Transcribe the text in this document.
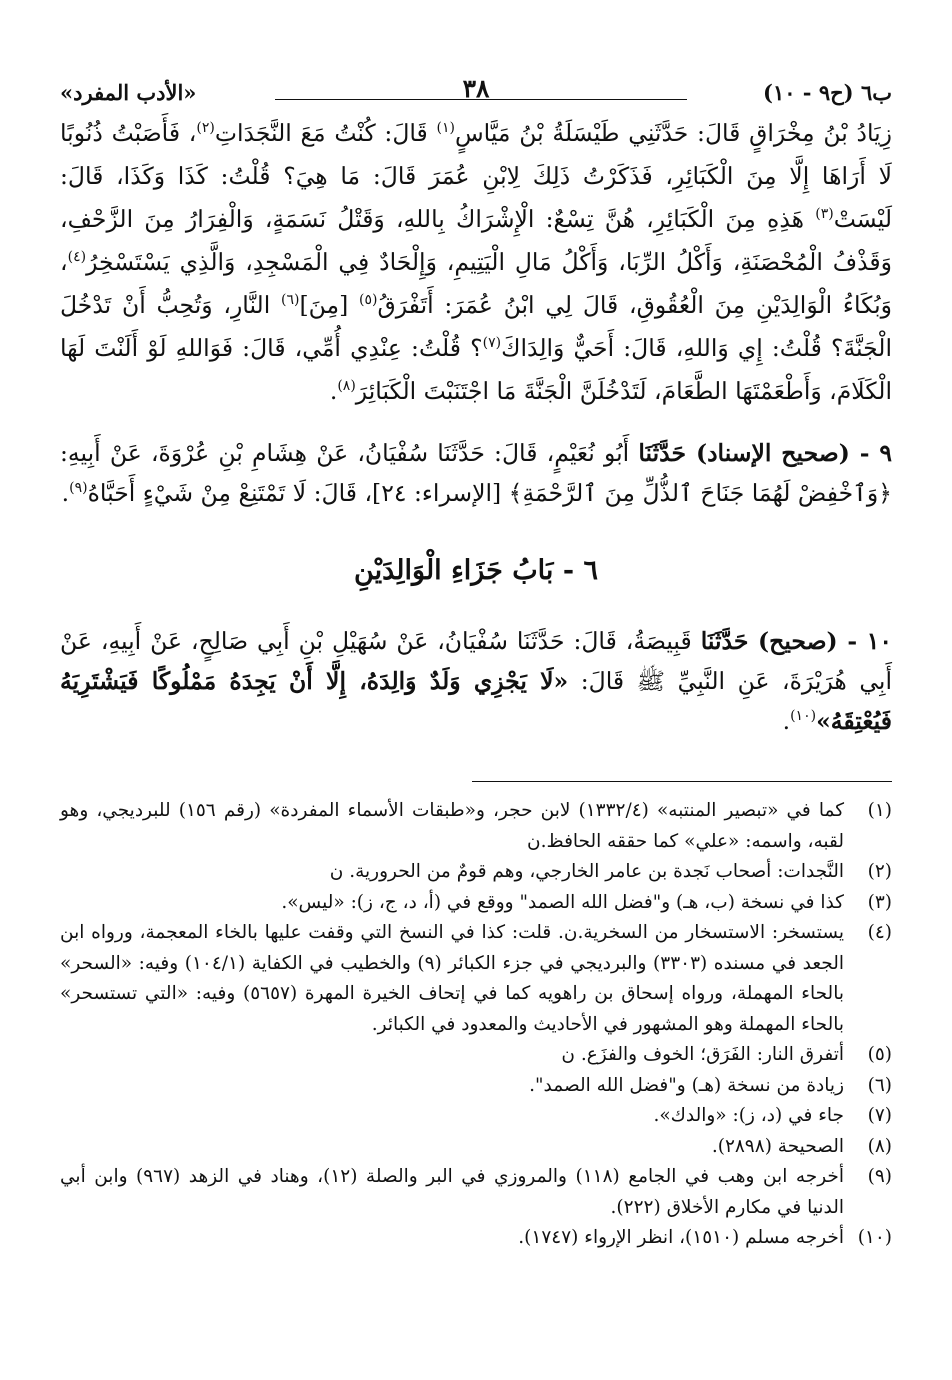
ب٦ (ح٩ - ١٠)
٣٨
«الأدب المفرد»

زِيَادُ بْنُ مِخْرَاقٍ قَالَ: حَدَّثَنِي طَيْسَلَةُ بْنُ مَيَّاسٍ$^{(١)}$ قَالَ: كُنْتُ مَعَ النَّجَدَاتِ$^{(٢)}$، فَأَصَبْتُ ذُنُوبًا لَا أَرَاهَا إِلَّا مِنَ الْكَبَائِرِ، فَذَكَرْتُ ذَلِكَ لِابْنِ عُمَرَ قَالَ: مَا هِيَ؟ قُلْتُ: كَذَا وَكَذَا، قَالَ: لَيْسَتْ$^{(٣)}$ هَذِهِ مِنَ الْكَبَائِرِ، هُنَّ تِسْعٌ: الْإِشْرَاكُ بِاللهِ، وَقَتْلُ نَسَمَةٍ، وَالْفِرَارُ مِنَ الزَّحْفِ، وَقَذْفُ الْمُحْصَنَةِ، وَأَكْلُ الرِّبَا، وَأَكْلُ مَالِ الْيَتِيمِ، وَإِلْحَادٌ فِي الْمَسْجِدِ، وَالَّذِي يَسْتَسْخِرُ$^{(٤)}$، وَبُكَاءُ الْوَالِدَيْنِ مِنَ الْعُقُوقِ، قَالَ لِي ابْنُ عُمَرَ: أَتَفْرَقُ$^{(٥)}$ [مِنَ]$^{(٦)}$ النَّارِ، وَتُحِبُّ أَنْ تَدْخُلَ الْجَنَّةَ؟ قُلْتُ: إِي وَاللهِ، قَالَ: أَحَيٌّ وَالِدَاكَ$^{(٧)}$؟ قُلْتُ: عِنْدِي أُمِّي، قَالَ: فَوَاللهِ لَوْ أَلَنْتَ لَهَا الْكَلَامَ، وَأَطْعَمْتَهَا الطَّعَامَ، لَتَدْخُلَنَّ الْجَنَّةَ مَا اجْتَنَبْتَ الْكَبَائِرَ$^{(٨)}$.

٩ - (صحيح الإسناد) حَدَّثَنَا أَبُو نُعَيْمٍ، قَالَ: حَدَّثَنَا سُفْيَانُ، عَنْ هِشَامِ بْنِ عُرْوَةَ، عَنْ أَبِيهِ: ﴿وَٱخْفِضْ لَهُمَا جَنَاحَ ٱلذُّلِّ مِنَ ٱلرَّحْمَةِ﴾ [الإسراء: ٢٤]، قَالَ: لَا تَمْتَنِعْ مِنْ شَيْءٍ أَحَبَّاهُ$^{(٩)}$.

٦ - بَابُ جَزَاءِ الْوَالِدَيْنِ

١٠ - (صحيح) حَدَّثَنَا قَبِيصَةُ، قَالَ: حَدَّثَنَا سُفْيَانُ، عَنْ سُهَيْلِ بْنِ أَبِي صَالِحٍ، عَنْ أَبِيهِ، عَنْ أَبِي هُرَيْرَةَ، عَنِ النَّبِيِّ ﷺ قَالَ: «لَا يَجْزِي وَلَدٌ وَالِدَهُ، إِلَّا أَنْ يَجِدَهُ مَمْلُوكًا فَيَشْتَرِيَهُ فَيُعْتِقَهُ»$^{(١٠)}$.

(١)
كما في «تبصير المنتبه» (١٣٣٢/٤) لابن حجر، و«طبقات الأسماء المفردة» (رقم ١٥٦) للبرديجي، وهو لقبه، واسمه: «علي» كما حققه الحافظ.ن
(٢)
النَّجدات: أصحاب نَجدة بن عامر الخارجي، وهم قومٌ من الحرورية. ن
(٣)
كذا في نسخة (ب، هـ) و"فضل الله الصمد" ووقع في (أ، د، ج، ز): «ليس».
(٤)
يستسخر: الاستسخار من السخرية.ن. قلت: كذا في النسخ التي وقفت عليها بالخاء المعجمة، ورواه ابن الجعد في مسنده (٣٣٠٣) والبرديجي في جزء الكبائر (٩) والخطيب في الكفاية (١٠٤/١) وفيه: «السحر» بالحاء المهملة، ورواه إسحاق بن راهويه كما في إتحاف الخيرة المهرة (٥٦٥٧) وفيه: «التي تستسحر» بالحاء المهملة وهو المشهور في الأحاديث والمعدود في الكبائر.
(٥)
أتفرق النار: الفَرَق؛ الخوف والفزَع. ن
(٦)
زيادة من نسخة (هـ) و"فضل الله الصمد".
(٧)
جاء في (د، ز): «والدك».
(٨)
الصحيحة (٢٨٩٨).
(٩)
أخرجه ابن وهب في الجامع (١١٨) والمروزي في البر والصلة (١٢)، وهناد في الزهد (٩٦٧) وابن أبي الدنيا في مكارم الأخلاق (٢٢٢).
(١٠)
أخرجه مسلم (١٥١٠)، انظر الإرواء (١٧٤٧).
